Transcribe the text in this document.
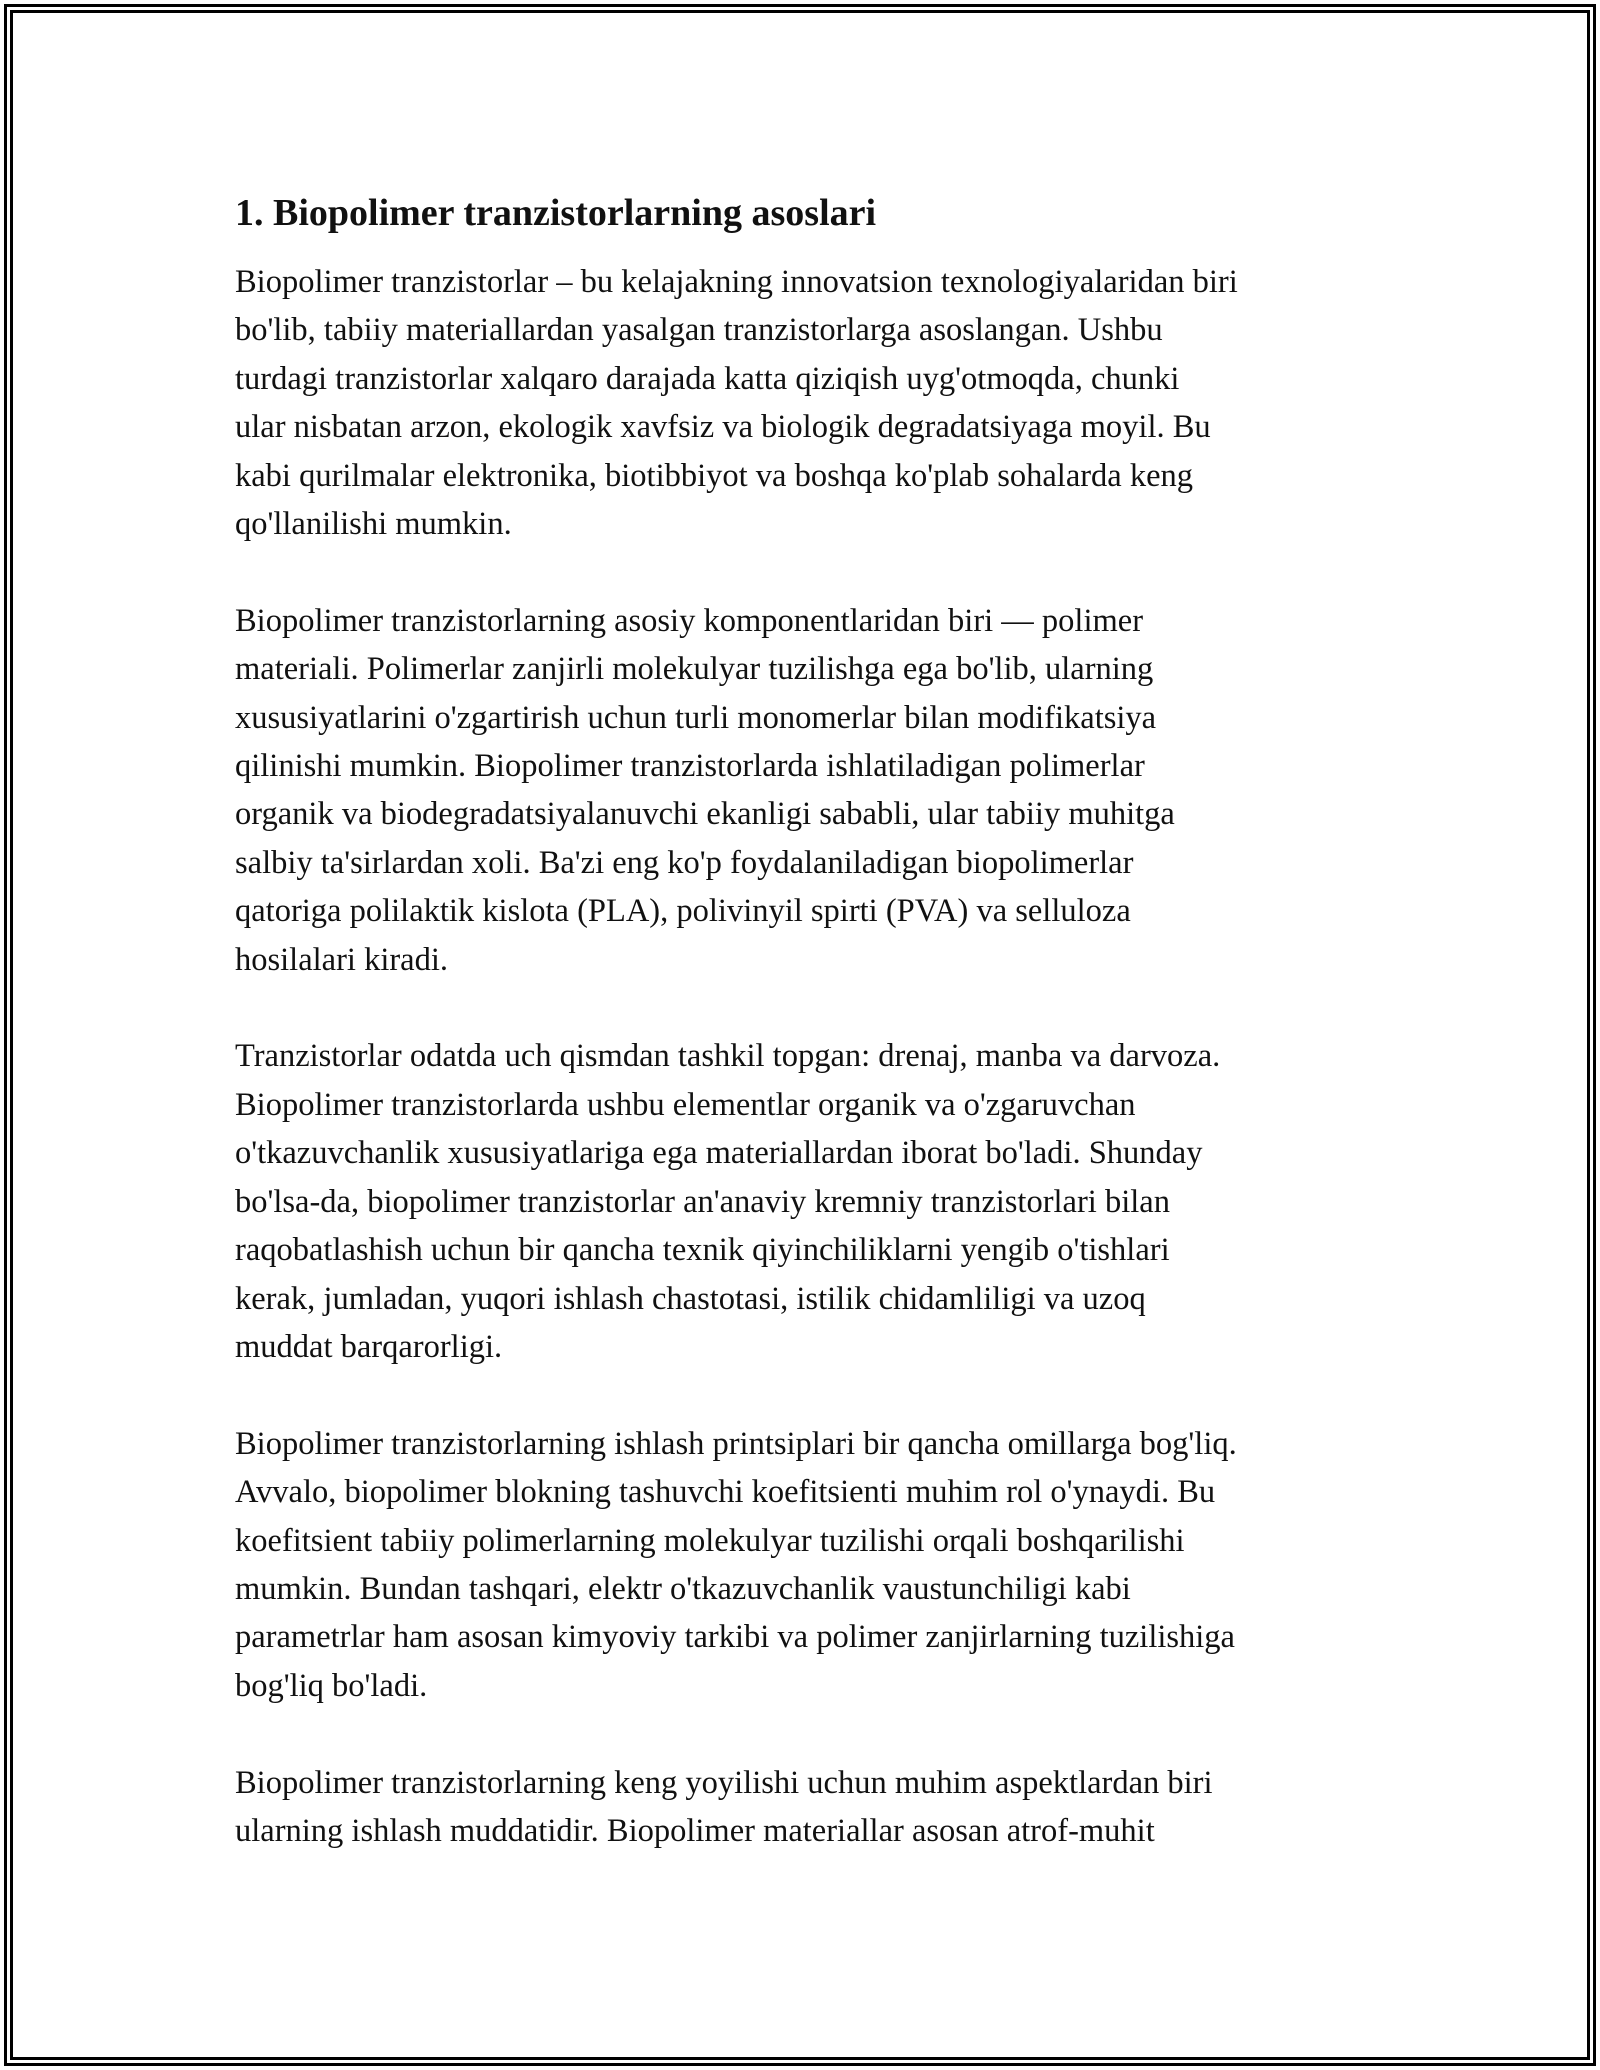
1. Biopolimer tranzistorlarning asoslari
Biopolimer tranzistorlar – bu kelajakning innovatsion texnologiyalaridan biri
bo'lib, tabiiy materiallardan yasalgan tranzistorlarga asoslangan. Ushbu
turdagi tranzistorlar xalqaro darajada katta qiziqish uyg'otmoqda, chunki
ular nisbatan arzon, ekologik xavfsiz va biologik degradatsiyaga moyil. Bu
kabi qurilmalar elektronika, biotibbiyot va boshqa ko'plab sohalarda keng
qo'llanilishi mumkin.
Biopolimer tranzistorlarning asosiy komponentlaridan biri — polimer
materiali. Polimerlar zanjirli molekulyar tuzilishga ega bo'lib, ularning
xususiyatlarini o'zgartirish uchun turli monomerlar bilan modifikatsiya
qilinishi mumkin. Biopolimer tranzistorlarda ishlatiladigan polimerlar
organik va biodegradatsiyalanuvchi ekanligi sababli, ular tabiiy muhitga
salbiy ta'sirlardan xoli. Ba'zi eng ko'p foydalaniladigan biopolimerlar
qatoriga polilaktik kislota (PLA), polivinyil spirti (PVA) va selluloza
hosilalari kiradi.
Tranzistorlar odatda uch qismdan tashkil topgan: drenaj, manba va darvoza.
Biopolimer tranzistorlarda ushbu elementlar organik va o'zgaruvchan
o'tkazuvchanlik xususiyatlariga ega materiallardan iborat bo'ladi. Shunday
bo'lsa-da, biopolimer tranzistorlar an'anaviy kremniy tranzistorlari bilan
raqobatlashish uchun bir qancha texnik qiyinchiliklarni yengib o'tishlari
kerak, jumladan, yuqori ishlash chastotasi, istilik chidamliligi va uzoq
muddat barqarorligi.
Biopolimer tranzistorlarning ishlash printsiplari bir qancha omillarga bog'liq.
Avvalo, biopolimer blokning tashuvchi koefitsienti muhim rol o'ynaydi. Bu
koefitsient tabiiy polimerlarning molekulyar tuzilishi orqali boshqarilishi
mumkin. Bundan tashqari, elektr o'tkazuvchanlik vaustunchiligi kabi
parametrlar ham asosan kimyoviy tarkibi va polimer zanjirlarning tuzilishiga
bog'liq bo'ladi.
Biopolimer tranzistorlarning keng yoyilishi uchun muhim aspektlardan biri
ularning ishlash muddatidir. Biopolimer materiallar asosan atrof-muhit
